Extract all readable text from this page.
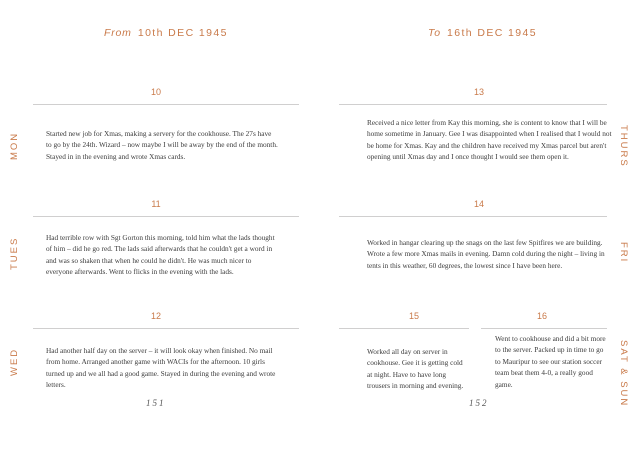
From 10th DEC 1945
10
MON	Started new job for Xmas, making a servery for the cookhouse. The 27s have to go by the 24th. Wizard – now maybe I will be away by the end of the month. Stayed in in the evening and wrote Xmas cards.
11
TUES	Had terrible row with Sgt Gorton this morning, told him what the lads thought of him – did he go red. The lads said afterwards that he couldn't get a word in and was so shaken that when he could he didn't. He was much nicer to everyone afterwards. Went to flicks in the evening with the lads.
12
WED	Had another half day on the server – it will look okay when finished. No mail from home. Arranged another game with WACIs for the afternoon. 10 girls turned up and we all had a good game. Stayed in during the evening and wrote letters.
151
To 16th DEC 1945
13
THURS
Received a nice letter from Kay this morning, she is content to know that I will be home sometime in January. Gee I was disappointed when I realised that I would not be home for Xmas. Kay and the children have received my Xmas parcel but aren't opening until Xmas day and I once thought I would see them open it.
14
FRI
Worked in hangar clearing up the snags on the last few Spitfires we are building. Wrote a few more Xmas mails in evening. Damn cold during the night – living in tents in this weather, 60 degrees, the lowest since I have been here.
15	16
SAT & SUN
Worked all day on server in cookhouse. Gee it is getting cold at night. Have to have long trousers in morning and evening.
Went to cookhouse and did a bit more to the server. Packed up in time to go to Mauripur to see our station soccer team beat them 4-0, a really good game.
152
